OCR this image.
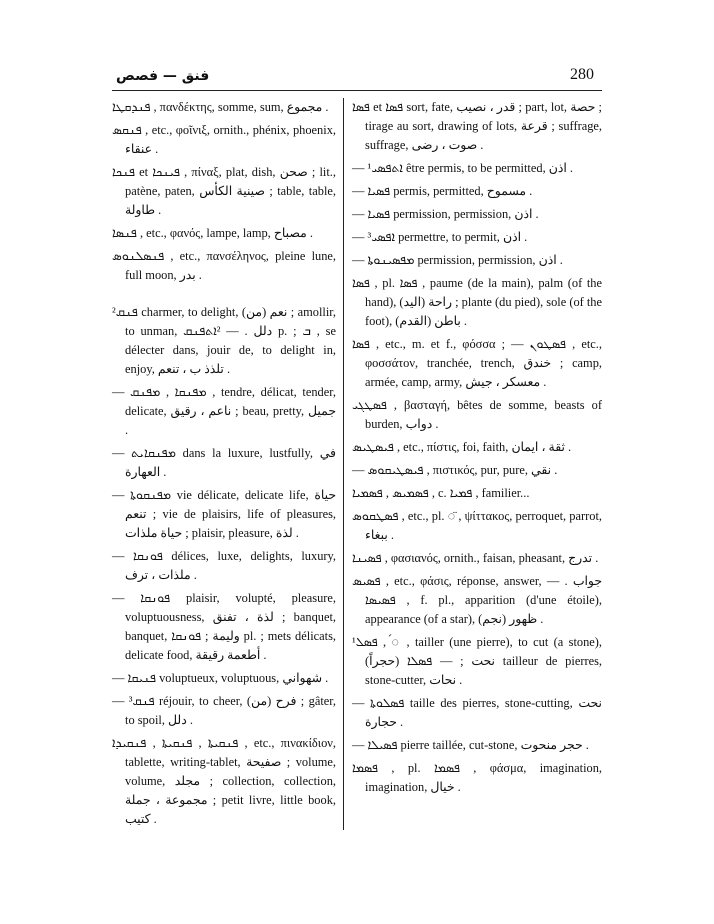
فنق — فصص	280

ܦܢܕܩܛܐ , πανδέκτης, somme, sum, مجموع .

ܦܢܩܣ , etc., φοῖνιξ, ornith., phénix, phoenix, عنقاء .

ܦܢܟܐ et ܦܝܢܟܐ , πίναξ, plat, dish, صحن ; lit., patène, paten, صينية الكأس ; table, table, طاولة .

ܦܢܣܐ , etc., φανός, lampe, lamp, مصباح .

ܦܢܣܠܢܘܣ , etc., πανσέληνος, pleine lune, full moon, بدر .

²ܦܢܩ charmer, to delight, (من) نعم ; amollir, to unman, دلل . — ²ܐܬܦܢܩ p. ; ܒ , se délecter dans, jouir de, to delight in, enjoy, تلذذ ب ، تنعم .

— ܡܦܢܩܐ , ܡܦܢܩ , tendre, délicat, tender, delicate, ناعم ، رقيق ; beau, pretty, جميل .

— ܡܦܢܩܐܝܬ dans la luxure, lustfully, في العهارة .

— ܡܦܢܩܘܬܐ vie délicate, delicate life, حياة تنعم ; vie de plaisirs, life of pleasures, حياة ملذات ; plaisir, pleasure, لذة .

— ܦܘܢܩܐ délices, luxe, delights, luxury, ملذات ، ترف .

— ܦܘܢܩܐ plaisir, volupté, pleasure, voluptuousness, لذة ، تفنق ; banquet, banquet, وليمة ; ܦܘܢܩܐ pl. ; mets délicats, delicate food, أطعمة رقيقة .

— ܦܢܝܩܐ voluptueux, voluptuous, شهواني .

— ³ܦܢܩ réjouir, to cheer, (من) فرح ; gâter, to spoil, دلل .

ܦܢܩܝܬܐ , ܦܢܩܝܬܐ , ܦܢܩܝܕܐ , etc., πινακίδιον, tablette, writing-tablet, صفيحة ; volume, volume, مجلد ; collection, collection, مجموعة ، جملة ; petit livre, little book, كتيب .

ܦܣܐ et ܦܣܐ sort, fate, قدر ، نصيب ; part, lot, حصة ; tirage au sort, drawing of lots, قرعة ; suffrage, suffrage, صوت ، رضى .

— ¹ܐܬܦܣܝ être permis, to be permitted, اذن .

— ܦܣܝܐ permis, permitted, مسموح .

— ܦܣܝܐ permission, permission, اذن .

— ³ܐܦܣܝ permettre, to permit, اذن .

— ܡܦܣܝܢܘܬܐ permission, permission, اذن .

ܦܣܐ , pl. ܦܣܐ , paume (de la main), palm (of the hand), (اليد) راحة ; plante (du pied), sole (of the foot), باطن (القدم) .

ܦܣܐ , etc., m. et f., φόσσα ; — ܦܣܛܘܢ , etc., φοσσάτον, tranchée, trench, خندق ; camp, armée, camp, army, معسكر ، جيش .

ܦܣܛܓܝ , βασταγή, bêtes de somme, beasts of burden, دواب .

ܦܝܣܛܝܣ , etc., πίστις, foi, faith, ثقة ، ايمان .

— ܦܝܣܛܝܩܘܣ , πιστικός, pur, pure, نقي .

ܦܣܡܝܣ , ܦܣܡܝܐ , c. ܦܡܝܐ , familier...

ܦܣܛܩܘܣ , etc., pl. ◌̈ , ψίττακος, perroquet, parrot, ببغاء .

ܦܣܝܢܐ , φασιανός, ornith., faisan, pheasant, تدرج .

ܦܣܝܣ , etc., φάσις, réponse, answer, جواب . — ܦܣܝܣܐ , f. pl., apparition (d'une étoile), appearance (of a star), ظهور (نجم) .

¹ܦܣܠ , ◌́ , tailler (une pierre), to cut (a stone), (حجراً) نحت ; — ܦܣܠܐ tailleur de pierres, stone-cutter, نحات .

— ܦܣܠܘܬܐ taille des pierres, stone-cutting, نحت حجارة .

— ܦܣܝܠܐ pierre taillée, cut-stone, حجر منحوت .

ܦܣܡܐ , pl. ܦܣܡܐ , φάσμα, imagination, imagination, خيال .
